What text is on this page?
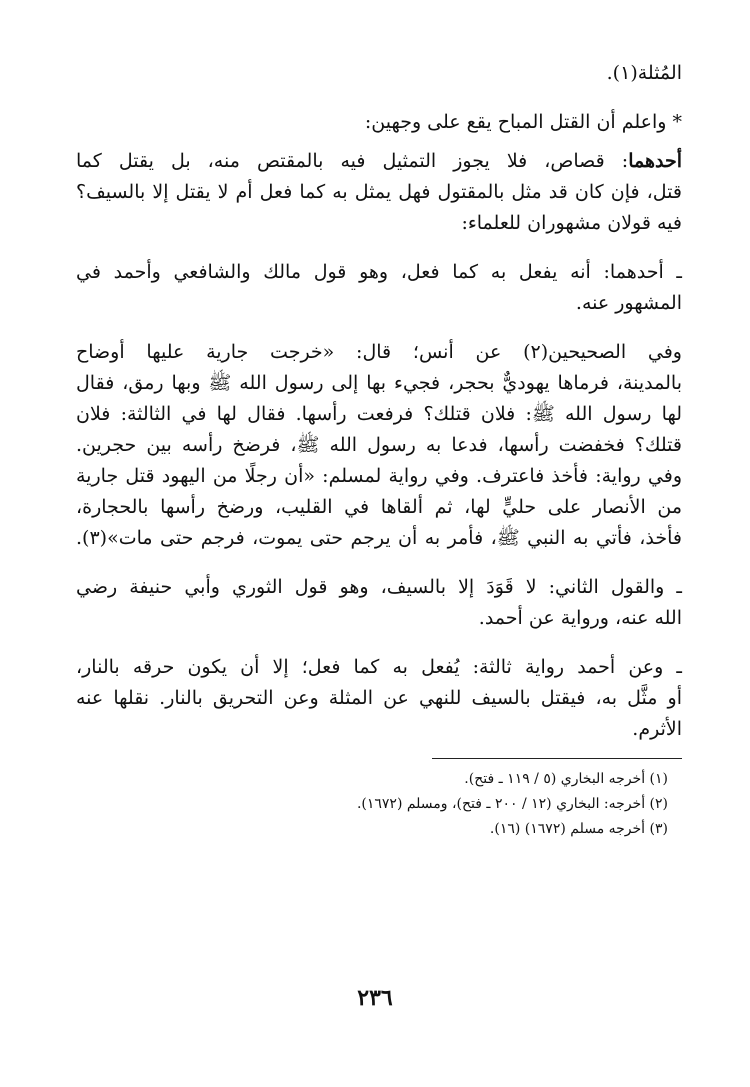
المُثلة(١).
* واعلم أن القتل المباح يقع على وجهين:
أحدهما: قصاص، فلا يجوز التمثيل فيه بالمقتص منه، بل يقتل كما
قتل، فإن كان قد مثل بالمقتول فهل يمثل به كما فعل أم لا يقتل إلا بالسيف؟
فيه قولان مشهوران للعلماء:
ـ أحدهما: أنه يفعل به كما فعل، وهو قول مالك والشافعي وأحمد في
المشهور عنه.
وفي الصحيحين(٢) عن أنس؛ قال: «خرجت جارية عليها أوضاح
بالمدينة، فرماها يهوديٌّ بحجر، فجيء بها إلى رسول الله ﷺ وبها رمق، فقال
لها رسول الله ﷺ: فلان قتلك؟ فرفعت رأسها. فقال لها في الثالثة: فلان
قتلك؟ فخفضت رأسها، فدعا به رسول الله ﷺ، فرضخ رأسه بين حجرين.
وفي رواية: فأخذ فاعترف. وفي رواية لمسلم: «أن رجلًا من اليهود قتل جارية
من الأنصار على حليٍّ لها، ثم ألقاها في القليب، ورضخ رأسها بالحجارة،
فأخذ، فأتي به النبي ﷺ، فأمر به أن يرجم حتى يموت، فرجم حتى مات»(٣).
ـ والقول الثاني: لا قَوَدَ إلا بالسيف، وهو قول الثوري وأبي حنيفة رضي
الله عنه، ورواية عن أحمد.
ـ وعن أحمد رواية ثالثة: يُفعل به كما فعل؛ إلا أن يكون حرقه بالنار،
أو مثَّل به، فيقتل بالسيف للنهي عن المثلة وعن التحريق بالنار. نقلها عنه
الأثرم.
(١) أخرجه البخاري (٥ / ١١٩ ـ فتح).
(٢) أخرجه: البخاري (١٢ / ٢٠٠ ـ فتح)، ومسلم (١٦٧٢).
(٣) أخرجه مسلم (١٦٧٢) (١٦).
٢٣٦
